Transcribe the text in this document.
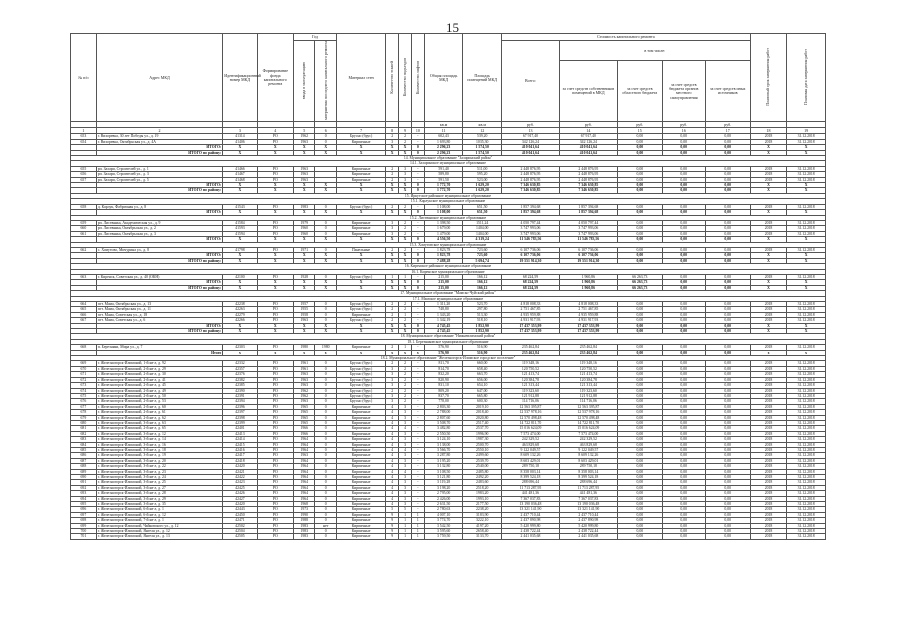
15
№ п/п	Адрес МКД	Идентификационный номер МКД	Формирование фонда капитального ремонта	Год		Материал стен	Количество этажей	Количество подъездов	Количество лифтов	Общая площадь МКД	Площадь помещений МКД	Стоимость капитального ремонта					Плановый срок завершения работ	Плановая дата завершения работ
				ввода в эксплуатацию	завершения последнего капитального ремонта							Всего:	в том числе:					
													за счет средств собственников помещений в МКД	за счет средств областного бюджета	за счет средств бюджета органов местного самоуправления	за счет средств иных источников		
										кв.м	кв.м	руб.	руб.	руб.	руб.	руб.		
1	2	3	4	5	6	7	8	9	10	11	12	13	14	15	16	17	18	19
653	г. Вихоревка, 30 лет Победы ул., д. 19	41314	РО	1962	0	Брусно (брус)	2	2	-	602,43	539,20	67 917,40	67 917,40	0,00	0,00	0,00	2018	31.12.2018
654	г. Вихоревка, Октябрьская ул., д. 4А	41406	РО	1963	0	Кирпичные	3	2	-	1 693,80	1035,30	342 126,24	342 126,24	0,00	0,00	0,00	2018	31.12.2018
	ИТОГО:	X	X	X	X	X	X	X	0	2 296,23	1 574,50	410 041,64	410 041,64	0,00	0,00	0,00	X	X
	ИТОГО по району:	X	X	X	X	X	X	X	0	2 296,23	1 574,50	410 041,64	410 041,64	0,00	0,00	0,00	X	X
14. Муниципальное образование "Заларинский район"																		
14.1. Заларинское муниципальное образование																		
655	рп. Залари, Строителей ул., д. 1	41466	РО	1963		Кирпичные	2	3	-	591,40	511,00	2 448 876,95	2 448 876,95	0,00	0,00	0,00	2018	31.12.2018
656	рп. Залари, Строителей ул., д. 3	41467	РО	1963		Кирпичные	2	3	-	589,80	595,20	2 448 876,95	2 448 876,95	0,00	0,00	0,00	2018	31.12.2018
657	рп. Залари, Строителей ул., д. 5	41468	РО	1963		Кирпичные	2	3	-	591,50	523,00	2 448 876,95	2 448 876,95	0,00	0,00	0,00	2018	31.12.2018
	ИТОГО:	X	X	X	X	X	X	X	0	1 772,70	1 629,20	7 346 630,85	7 346 630,85	0,00	0,00	0,00	X	X
	ИТОГО по району:	X	X	X	X	X	X	X	0	1 772,70	1 629,20	7 346 630,85	7 346 630,85	0,00	0,00	0,00	X	X
15. Иркутское районное муниципальное образование																		
15.1. Карлукское муниципальное образование																		
658	д. Карлук, Фабричная ул., д. 8	41543	РО	1983	0	Брусно (брус)	2	2	-	1 108,00	651,50	1 857 394,68	1 857 394,68	0,00	0,00	0,00	2018	31.12.2018
	ИТОГО:	X	X	X	X	X	X	X	0	1 108,00	651,50	1 857 394,68	1 857 394,68	0,00	0,00	0,00	X	X
15.2. Листвянское муниципальное образование																		
659	рп. Листвянка, Академическая ул., д. 9	41584	РО	1979	0	Кирпичные	3	2	-	1 398,50	1511,24	4 050 797,44	4 050 797,44	0,00	0,00	0,00	2018	31.12.2018
660	рп. Листвянка, Октябрьская ул., д. 2	41593	РО	1960	0	Кирпичные	3	2	-	1 679,00	1404,00	3 747 993,06	3 747 993,06	0,00	0,00	0,00	2018	31.12.2018
661	рп. Листвянка, Октябрьская ул., д. 3	41594	РО	1960	0	Кирпичные	3	2	-	1 479,00	1404,00	3 747 993,06	3 747 993,06	0,00	0,00	0,00	2018	31.12.2018
	ИТОГО:	X	X	X	X	X	X	X	0	4 556,50	4 319,24	11 546 783,56	11 546 783,56	0,00	0,00	0,00	X	X
15.3. Хомутовское муниципальное образование																		
662	с. Хомутово, Мичурина ул., д. 8	41798	РО	1971	0	Панельные	2	2	-	1 823,78	723,60	6 107 736,06	6 107 736,06	0,00	0,00	0,00	2018	31.12.2018
	ИТОГО:	X	X	X	X	X	X	X	0	1 823,78	723,60	6 107 736,06	6 107 736,06	0,00	0,00	0,00	X	X
	ИТОГО по району:	X	X	X	X	X	X	X	0	7 488,28	5 694,74	19 551 914,30	19 551 914,30	0,00	0,00	0,00	X	X
16. Киренское районное муниципальное образование																		
16.1. Киренское муниципальное образование																		
663	г. Киренск, Советская ул., д. 40 (ОКН)	42100	РО	1928	0	Брусно (брус)	1	1	-	215,00	166,12	68 224,59	1 960,86	66 263,73	0,00	0,00	2018	31.12.2018
	ИТОГО:	X	X	X	X	X	X	X	0	215,00	166,12	68 224,59	1 960,86	66 263,73	0,00	0,00	X	X
	ИТОГО по району:	X	X	X	X	X	X	X	0	215,00	166,12	68 224,59	1 960,86	66 263,73	0,00	0,00	X	X
17. Муниципальное образование "Мамско-Чуйский район"																		
17.1. Мамское муниципальное образование																		
664	пгт. Мама, Октябрьская ул., д. 13	42238	РО	1957	0	Брусно (брус)	2	2	-	1 311,20	523,70	4 818 008,33	4 818 008,33	0,00	0,00	0,00	2018	31.12.2018
665	пгт. Мама, Октябрьская ул., д. 11	42263	РО	1955	0	Брусно (брус)	2	2	-	748,80	297,80	2 751 467,85	2 751 467,85	0,00	0,00	0,00	2018	31.12.2018
666	пгт. Мама, Советская ул., д. 18	42279	РО	1958	0	Кирпичные	2	1	-	1 343,20	513,30	4 935 959,88	4 935 959,88	0,00	0,00	0,00	2018	31.12.2018
667	пгт. Мама, Советская ул., д. 6	42266	РО	1963	0	Брусно (брус)	2	2	-	1 342,19	518,10	4 931 917,93	4 931 917,93	0,00	0,00	0,00	2018	31.12.2018
	ИТОГО:	X	X	X	X	X	X	X	0	4 745,45	1 852,90	17 437 353,99	17 437 353,99	0,00	0,00	0,00	X	X
	ИТОГО по району:	X	X	X	X	X	X	X	0	4 745,45	1 852,90	17 437 353,99	17 437 353,99	0,00	0,00	0,00	X	X
18. Муниципальное образование "Нижнеилимский район"																		
18.1. Березняковское муниципальное образование																		
668	п. Березняки, Мира ул., д. 7	42303	РО	1980	1980	Кирпичные	2	1	-	576,90	516,90	235 462,84	235 462,84	0,00	0,00	0,00	2018	31.12.2018
	Итого	х	х	х	х	х	х	х	х	576,90	516,90	235 462,84	235 462,84	0,00	0,00	0,00	х	х
18.2. Муниципальное образование "Железногорск-Илимское городское поселение"																		
669	г. Железногорск-Илимский, 1-й кв-л, д. 92	42332	РО	1961	0	Брусно (брус)	2	2	-	811,70	660,00	119 348,16	119 348,16	0,00	0,00	0,00	2018	31.12.2018
670	г. Железногорск-Илимский, 2-й кв-л, д. 29	42357	РО	1961	0	Брусно (брус)	3	2	-	814,70	658,40	120 750,52	120 750,52	0,00	0,00	0,00	2018	31.12.2018
671	г. Железногорск-Илимский, 2-й кв-л, д. 30	42376	РО	1963	0	Брусно (брус)	3	2	-	832,20	663,70	121 413,74	121 413,74	0,00	0,00	0,00	2018	31.12.2018
672	г. Железногорск-Илимский, 2-й кв-л, д. 41	42382	РО	1963	0	Брусно (брус)	3	2	-	820,90	656,00	120 384,78	120 384,78	0,00	0,00	0,00	2018	31.12.2018
673	г. Железногорск-Илимский, 2-й кв-л, д. 45	42385	РО	1963	0	Брусно (брус)	3	2	-	831,10	654,10	121 313,44	121 313,44	0,00	0,00	0,00	2018	31.12.2018
674	г. Железногорск-Илимский, 2-й кв-л, д. 49	42390	РО	1962	0	Брусно (брус)	2	2	-	809,20	647,00	119 323,60	119 323,60	0,00	0,00	0,00	2018	31.12.2018
675	г. Железногорск-Илимский, 2-й кв-л, д. 50	42391	РО	1962	0	Брусно (брус)	3	2	-	837,70	665,80	121 912,88	121 912,88	0,00	0,00	0,00	2018	31.12.2018
676	г. Железногорск-Илимский, 2-й кв-л, д. 53	42394	РО	1963	0	Брусно (брус)	3	2	-	778,00	600,30	114 716,06	114 716,06	0,00	0,00	0,00	2018	31.12.2018
677	г. Железногорск-Илимский, 2-й кв-л, д. 60	42396	РО	1965	0	Кирпичные	4	3	-	2 803,30	2019,10	12 563 395,87	12 563 395,87	0,00	0,00	0,00	2018	31.12.2018
678	г. Железногорск-Илимский, 2-й кв-л, д. 61	42397	РО	1965	0	Кирпичные	4	3	-	2 788,00	2018,40	12 537 978,16	12 537 978,16	0,00	0,00	0,00	2018	31.12.2018
679	г. Железногорск-Илимский, 2-й кв-л, д. 62	42398	РО	1965	0	Кирпичные	4	3	-	2 807,60	2020,80	12 570 498,48	12 570 498,48	0,00	0,00	0,00	2018	31.12.2018
680	г. Железногорск-Илимский, 3-й кв-л, д. 63	42399	РО	1965	0	Кирпичные	4	3	-	3 508,70	2517,40	14 722 811,70	14 722 811,70	0,00	0,00	0,00	2018	31.12.2018
681	г. Железногорск-Илимский, 2-й кв-л, д. 65	42401	РО	1966	0	Кирпичные	4	4	-	3 482,80	2537,70	15 016 624,09	15 016 624,09	0,00	0,00	0,00	2018	31.12.2018
682	г. Железногорск-Илимский, 3-й кв-л, д. 12	42413	РО	1966	0	Кирпичные	4	3	-	2 550,50	1996,90	7 573 474,00	7 573 474,00	0,00	0,00	0,00	2018	31.12.2018
683	г. Железногорск-Илимский, 3-й кв-л, д. 14	42414	РО	1964	0	Кирпичные	4	3	-	3 124,10	1987,30	242 329,52	242 329,52	0,00	0,00	0,00	2018	31.12.2018
684	г. Железногорск-Илимский, 3-й кв-л, д. 16	42415	РО	1964	0	Кирпичные	4	3	-	3 138,00	2500,70	463 829,68	463 829,68	0,00	0,00	0,00	2018	31.12.2018
685	г. Железногорск-Илимский, 3-й кв-л, д. 18	42416	РО	1964	0	Кирпичные	4	4	-	3 566,70	2550,10	9 122 049,57	9 122 049,57	0,00	0,00	0,00	2018	31.12.2018
686	г. Железногорск-Илимский, 3-й кв-л, д. 19	42417	РО	1963	0	Кирпичные	4	3	-	3 287,80	2499,60	8 609 132,26	8 609 132,26	0,00	0,00	0,00	2018	31.12.2018
687	г. Железногорск-Илимский, 3-й кв-л, д. 20	42418	РО	1964	0	Кирпичные	4	3	-	3 195,20	2539,70	8 603 429,01	8 603 429,01	0,00	0,00	0,00	2018	31.12.2018
688	г. Железногорск-Илимский, 3-й кв-л, д. 22	42420	РО	1964	0	Кирпичные	4	3	-	3 132,80	2540,00	289 750,18	289 750,18	0,00	0,00	0,00	2018	31.12.2018
689	г. Железногорск-Илимский, 3-й кв-л, д. 23	42421	РО	1964	0	Кирпичные	4	4	-	3 108,50	2485,80	8 358 003,14	8 358 003,14	0,00	0,00	0,00	2018	31.12.2018
690	г. Железногорск-Илимский, 3-й кв-л, д. 24	42422	РО	1964	0	Кирпичные	4	3	-	3 121,80	2492,20	8 399 524,18	8 399 524,18	0,00	0,00	0,00	2018	31.12.2018
691	г. Железногорск-Илимский, 3-й кв-л, д. 25	42423	РО	1964	0	Кирпичные	4	3	-	3 119,28	2483,60	288 696,44	288 696,44	0,00	0,00	0,00	2018	31.12.2018
692	г. Железногорск-Илимский, 3-й кв-л, д. 27	42425	РО	1964	0	Кирпичные	4	3	-	3 198,20	2518,20	11 713 287,95	11 713 287,95	0,00	0,00	0,00	2018	31.12.2018
693	г. Железногорск-Илимский, 3-й кв-л, д. 28	42426	РО	1964	0	Кирпичные	4	3	-	2 795,00	1983,20	441 481,36	441 481,36	0,00	0,00	0,00	2018	31.12.2018
694	г. Железногорск-Илимский, 3-й кв-л, д. 29	42427	РО	1964	0	Кирпичные	4	3	-	2 426,00	1993,10	7 367 037,83	7 367 037,83	0,00	0,00	0,00	2018	31.12.2018
695	г. Железногорск-Илимский, 3-й кв-л, д. 35	42420	РО	1968	0	Кирпичные	4	3	-	2 631,50	2177,50	13 190 036,48	13 190 036,48	0,00	0,00	0,00	2018	31.12.2018
696	г. Железногорск-Илимский, 6-й кв-л, д. 1	42443	РО	1973	0	Кирпичные	5	5	-	2 780,63	2238,20	13 321 141,90	13 321 141,90	0,00	0,00	0,00	2018	31.12.2018
697	г. Железногорск-Илимский, 6-й кв-л, д. 12	42450	РО	1990	0	Кирпичные	9	1	1	4 007,10	3183,90	2 437 710,44	2 437 710,44	0,00	0,00	0,00	2018	31.12.2018
698	г. Железногорск-Илимский, 7-й кв-л, д. 1	42471	РО	1988	0	Кирпичные	9	1	1	3 774,70	3222,10	2 437 890,98	2 437 890,98	0,00	0,00	0,00	2018	31.12.2018
699	г. Железногорск-Илимский, Чайковского ул., д. 12	42502	РО	1983	нет	Кирпичные	9	1	1	3 542,50	4197,20	5 420 999,80	5 420 999,80	0,00	0,00	0,00	2018	31.12.2018
700	г. Железногорск-Илимский, Янгеля ул., д. 12	42504	РО	1983	0	Кирпичные	9	1	1	3 595,60	2658,40	2 438 722,44	2 438 722,44	0,00	0,00	0,00	2018	31.12.2018
701	г. Железногорск-Илимский, Янгеля ул., д. 13	42505	РО	1983	0	Кирпичные	9	1	1	3 759,50	3133,70	2 441 035,68	2 441 035,68	0,00	0,00	0,00	2018	31.12.2018
